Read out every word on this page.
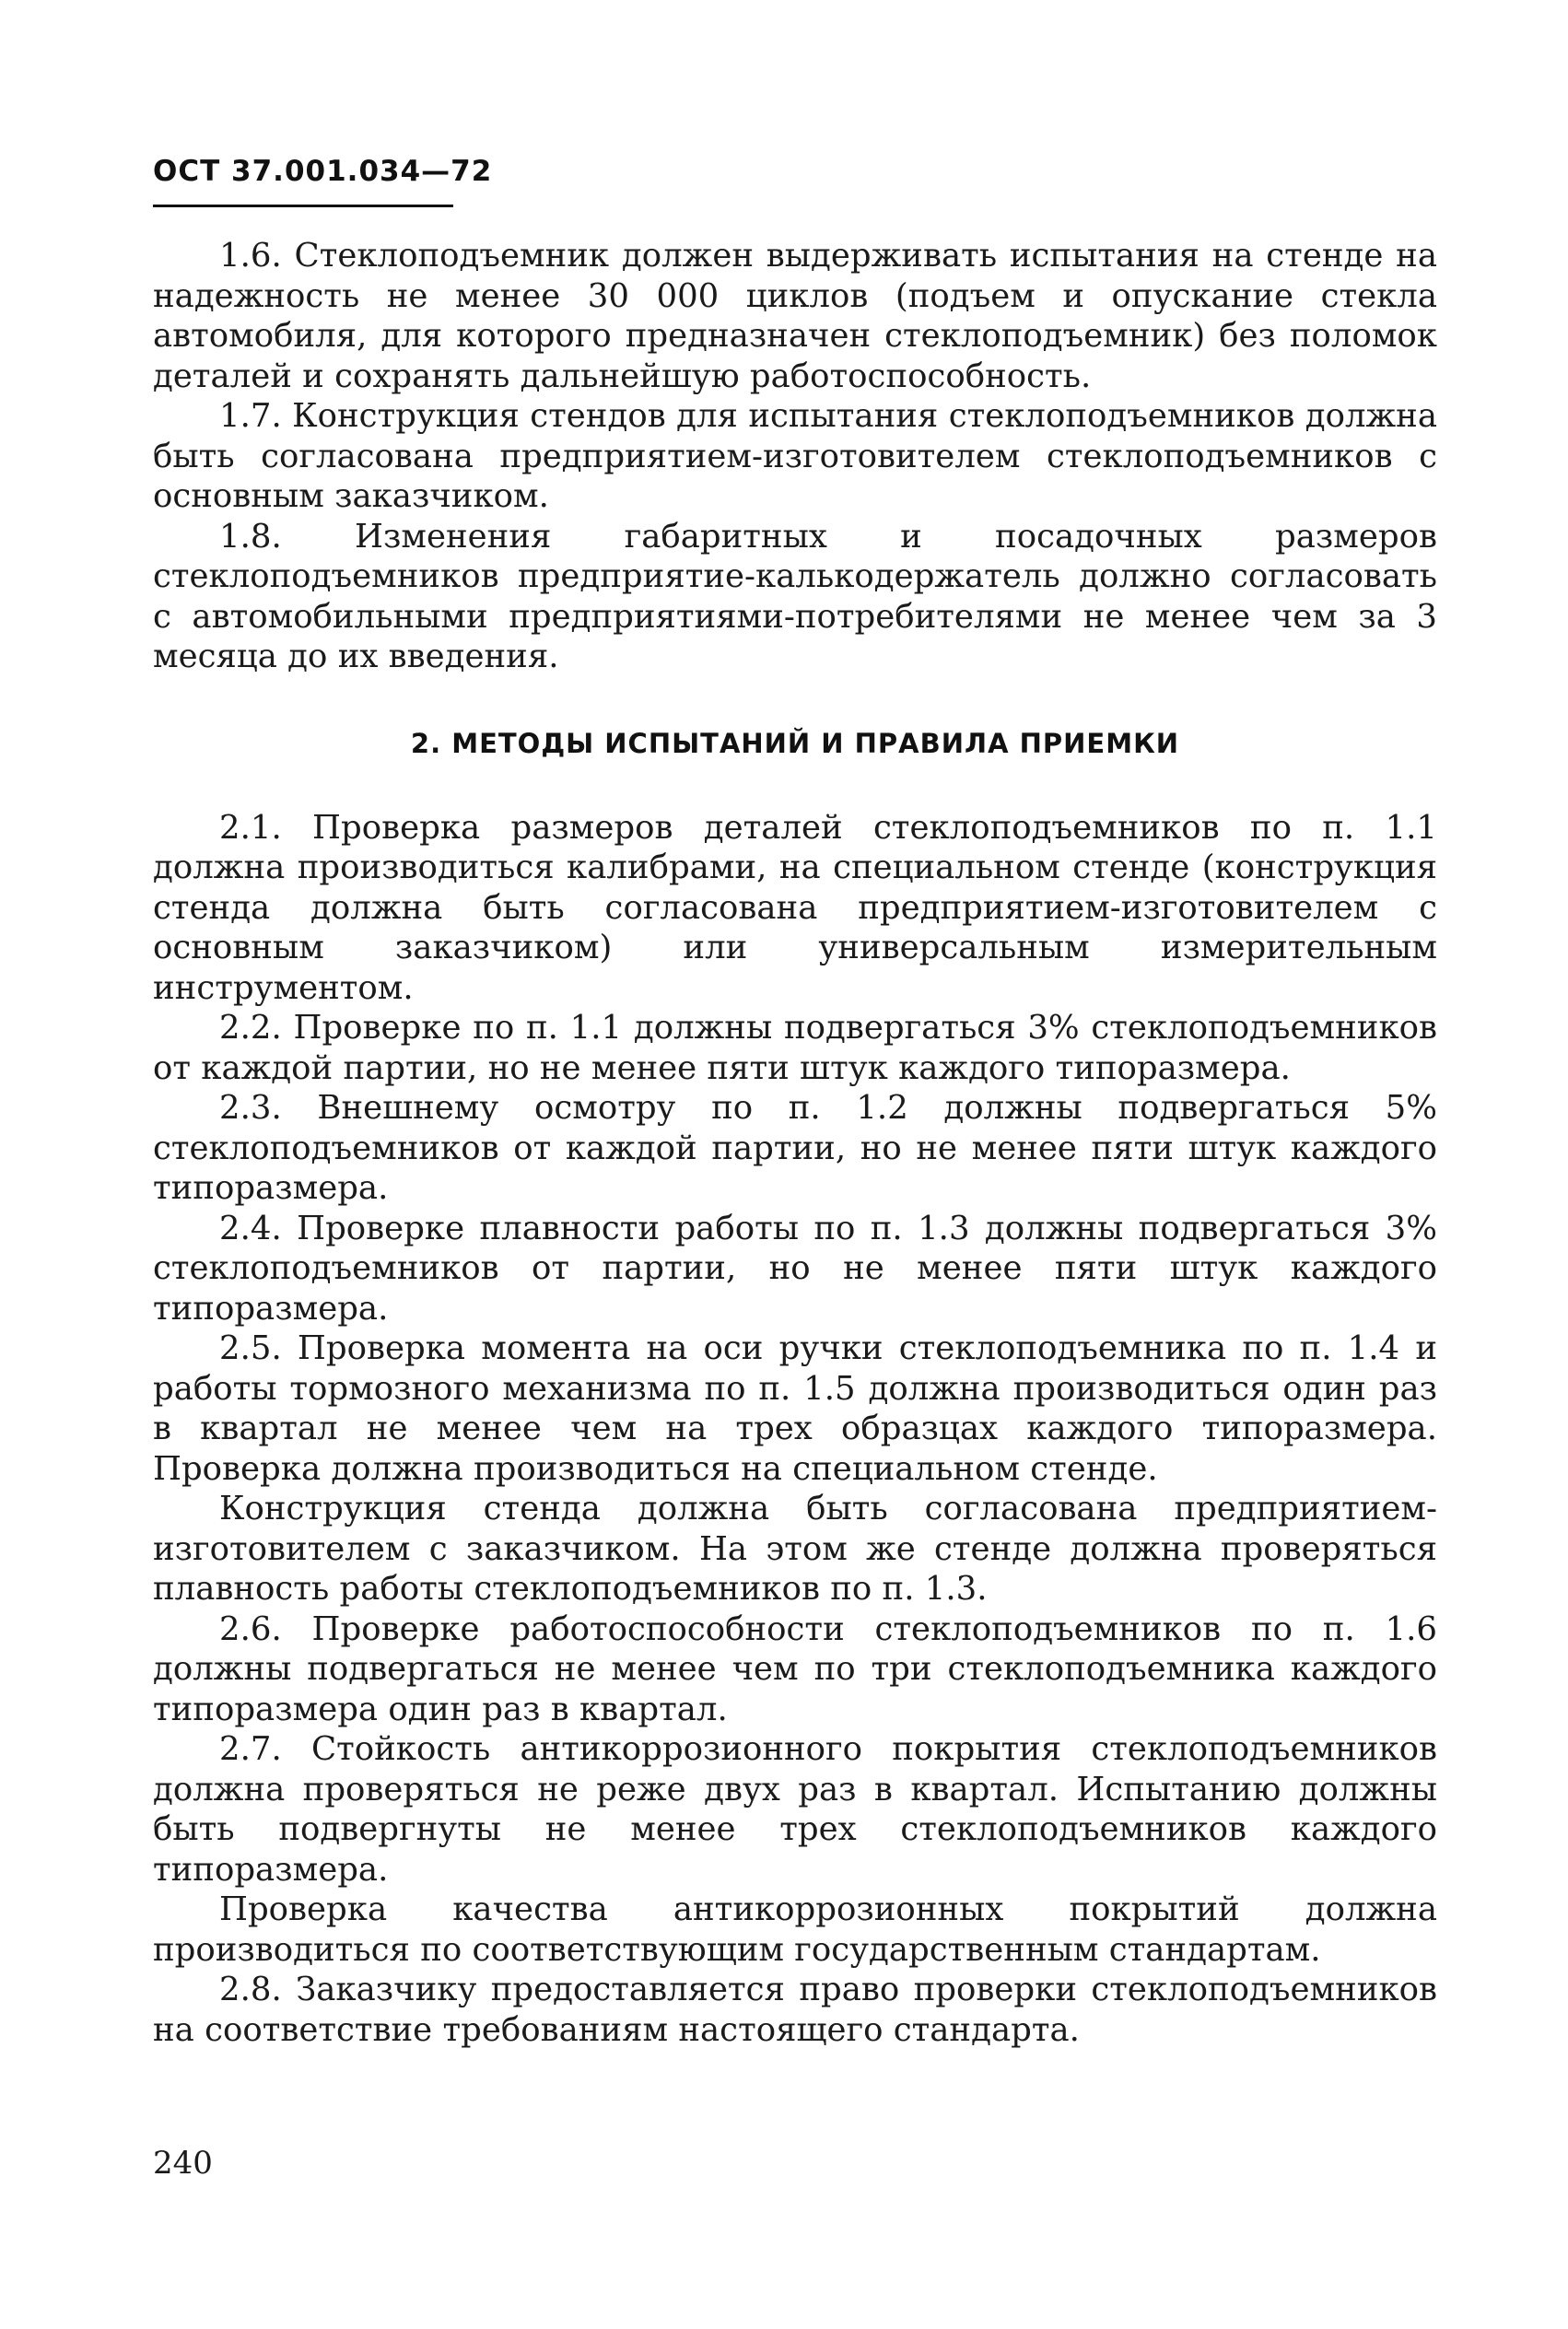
ОСТ 37.001.034—72

1.6. Стеклоподъемник должен выдерживать испытания на стенде на надежность не менее 30 000 циклов (подъем и опускание стекла автомобиля, для которого предназначен стеклоподъемник) без поломок деталей и сохранять дальнейшую работоспособность.

1.7. Конструкция стендов для испытания стеклоподъемников должна быть согласована предприятием-изготовителем стеклоподъемников с основным заказчиком.

1.8. Изменения габаритных и посадочных размеров стеклоподъемников предприятие-калькодержатель должно согласовать с автомобильными предприятиями-потребителями не менее чем за 3 месяца до их введения.

2. МЕТОДЫ ИСПЫТАНИЙ И ПРАВИЛА ПРИЕМКИ

2.1. Проверка размеров деталей стеклоподъемников по п. 1.1 должна производиться калибрами, на специальном стенде (конструкция стенда должна быть согласована предприятием-изготовителем с основным заказчиком) или универсальным измерительным инструментом.

2.2. Проверке по п. 1.1 должны подвергаться 3% стеклоподъемников от каждой партии, но не менее пяти штук каждого типоразмера.

2.3. Внешнему осмотру по п. 1.2 должны подвергаться 5% стеклоподъемников от каждой партии, но не менее пяти штук каждого типоразмера.

2.4. Проверке плавности работы по п. 1.3 должны подвергаться 3% стеклоподъемников от партии, но не менее пяти штук каждого типоразмера.

2.5. Проверка момента на оси ручки стеклоподъемника по п. 1.4 и работы тормозного механизма по п. 1.5 должна производиться один раз в квартал не менее чем на трех образцах каждого типоразмера. Проверка должна производиться на специальном стенде.

Конструкция стенда должна быть согласована предприятием-изготовителем с заказчиком. На этом же стенде должна проверяться плавность работы стеклоподъемников по п. 1.3.

2.6. Проверке работоспособности стеклоподъемников по п. 1.6 должны подвергаться не менее чем по три стеклоподъемника каждого типоразмера один раз в квартал.

2.7. Стойкость антикоррозионного покрытия стеклоподъемников должна проверяться не реже двух раз в квартал. Испытанию должны быть подвергнуты не менее трех стеклоподъемников каждого типоразмера.

Проверка качества антикоррозионных покрытий должна производиться по соответствующим государственным стандартам.

2.8. Заказчику предоставляется право проверки стеклоподъемников на соответствие требованиям настоящего стандарта.

240
